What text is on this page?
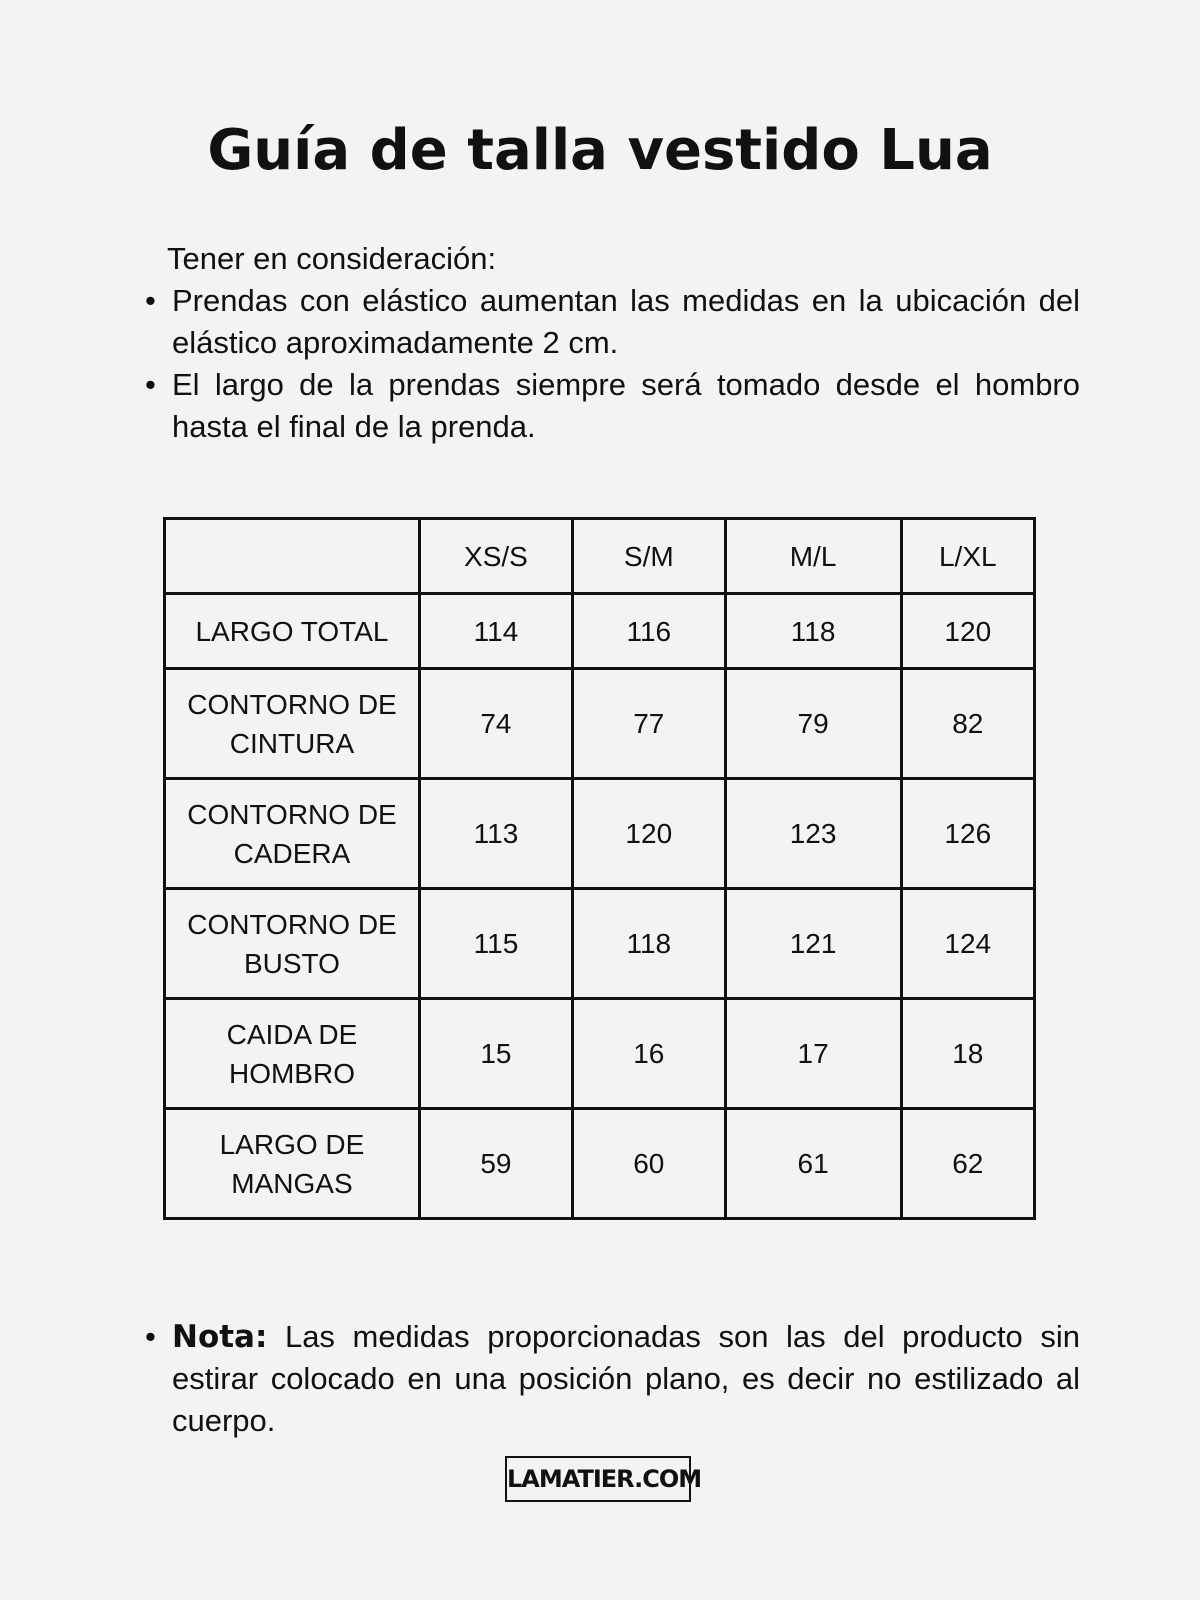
Guía de talla vestido Lua
Tener en consideración:
• Prendas con elástico aumentan las medidas en la ubicación del elástico aproximadamente 2 cm.
• El largo de la prendas siempre será tomado desde el hombro hasta el final de la prenda.
	XS/S	S/M	M/L	L/XL
LARGO TOTAL	114	116	118	120
CONTORNO DE CINTURA	74	77	79	82
CONTORNO DE CADERA	113	120	123	126
CONTORNO DE BUSTO	115	118	121	124
CAIDA DE HOMBRO	15	16	17	18
LARGO DE MANGAS	59	60	61	62
• Nota: Las medidas proporcionadas son las del producto sin estirar colocado en una posición plano, es decir no estilizado al cuerpo.
LAMATIER.COM
